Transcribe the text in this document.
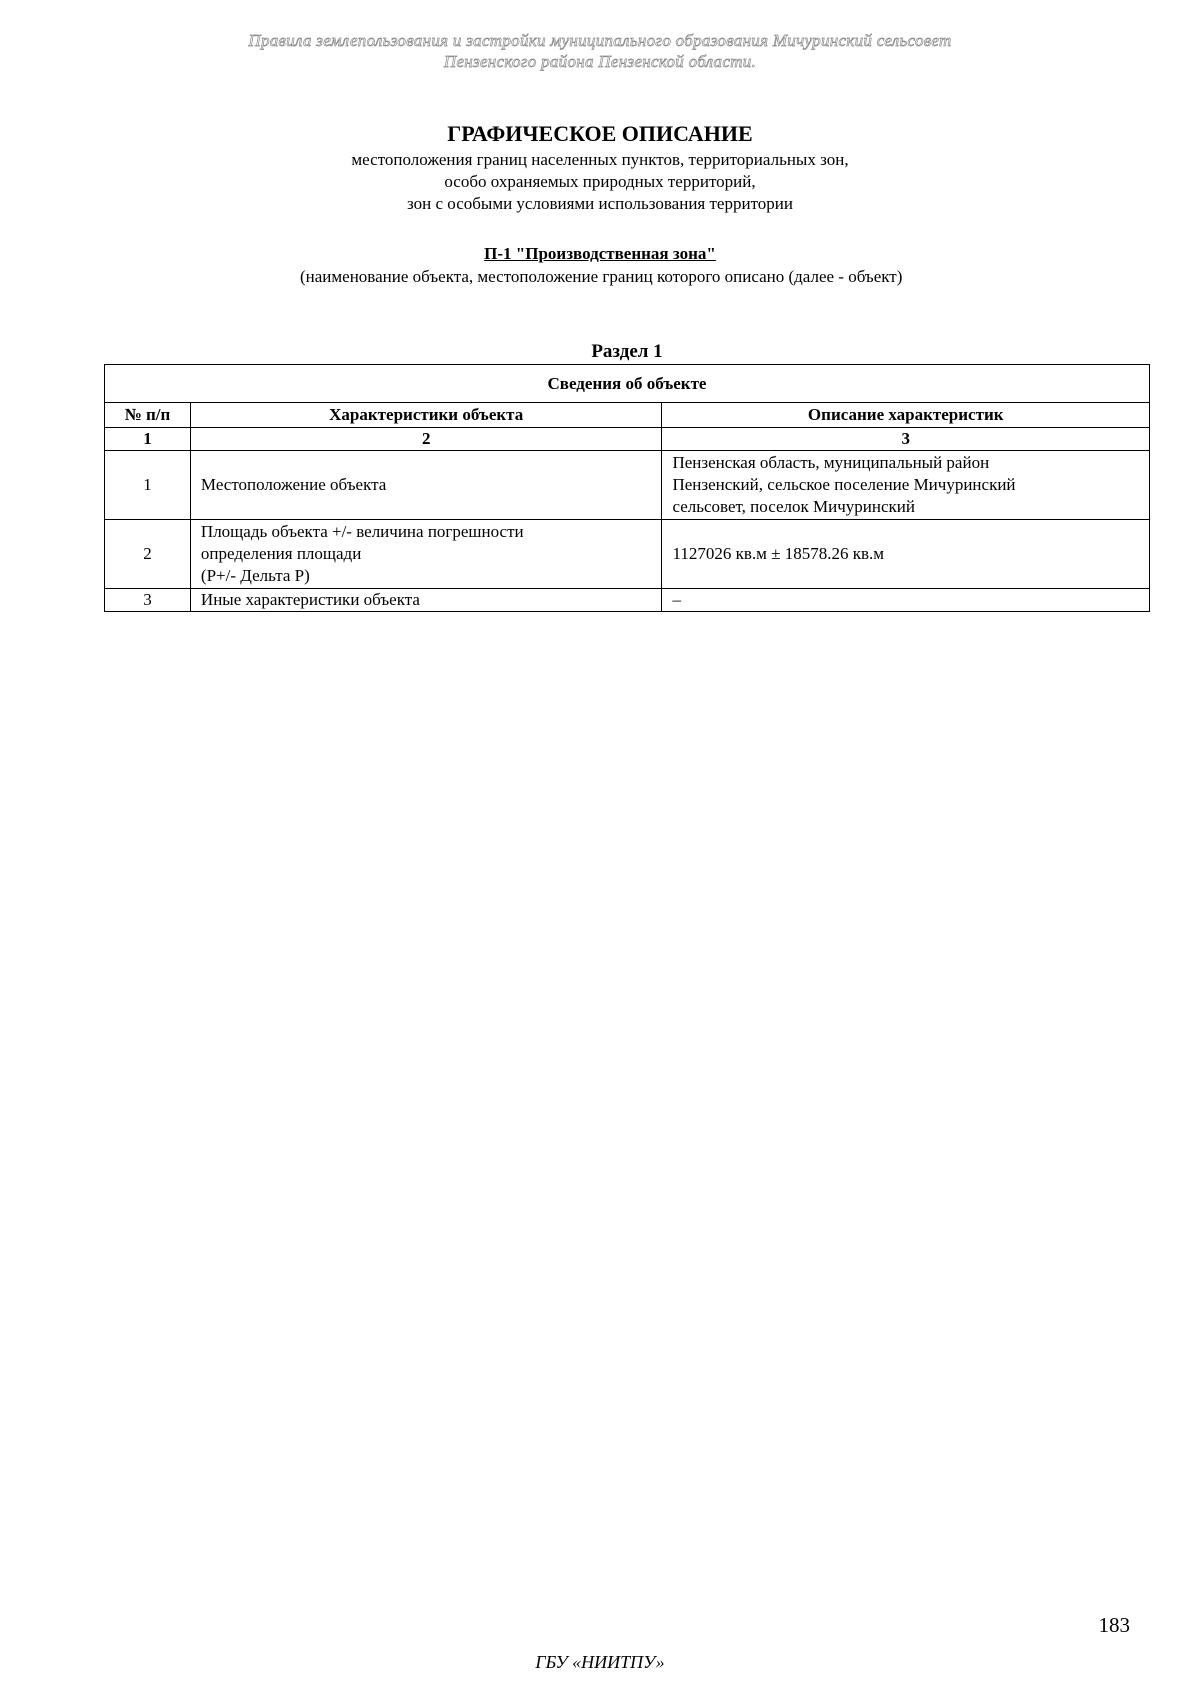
Правила землепользования и застройки муниципального образования Мичуринский сельсовет
Пензенского района Пензенской области.
ГРАФИЧЕСКОЕ ОПИСАНИЕ
местоположения границ населенных пунктов, территориальных зон,
особо охраняемых природных территорий,
зон с особыми условиями использования территории
П-1 "Производственная зона"
(наименование объекта, местоположение границ которого описано (далее - объект)
Раздел 1
Сведения об объекте		
№ п/п	Характеристики объекта	Описание характеристик
1	2	3
1	Местоположение объекта	Пензенская область, муниципальный район
Пензенский, сельское поселение Мичуринский
сельсовет, поселок Мичуринский

2	Площадь объекта +/- величина погрешности
определения площади
(P+/- Дельта P)	1127026 кв.м ± 18578.26 кв.м

3	Иные характеристики объекта	–
183
ГБУ «НИИТПУ»
